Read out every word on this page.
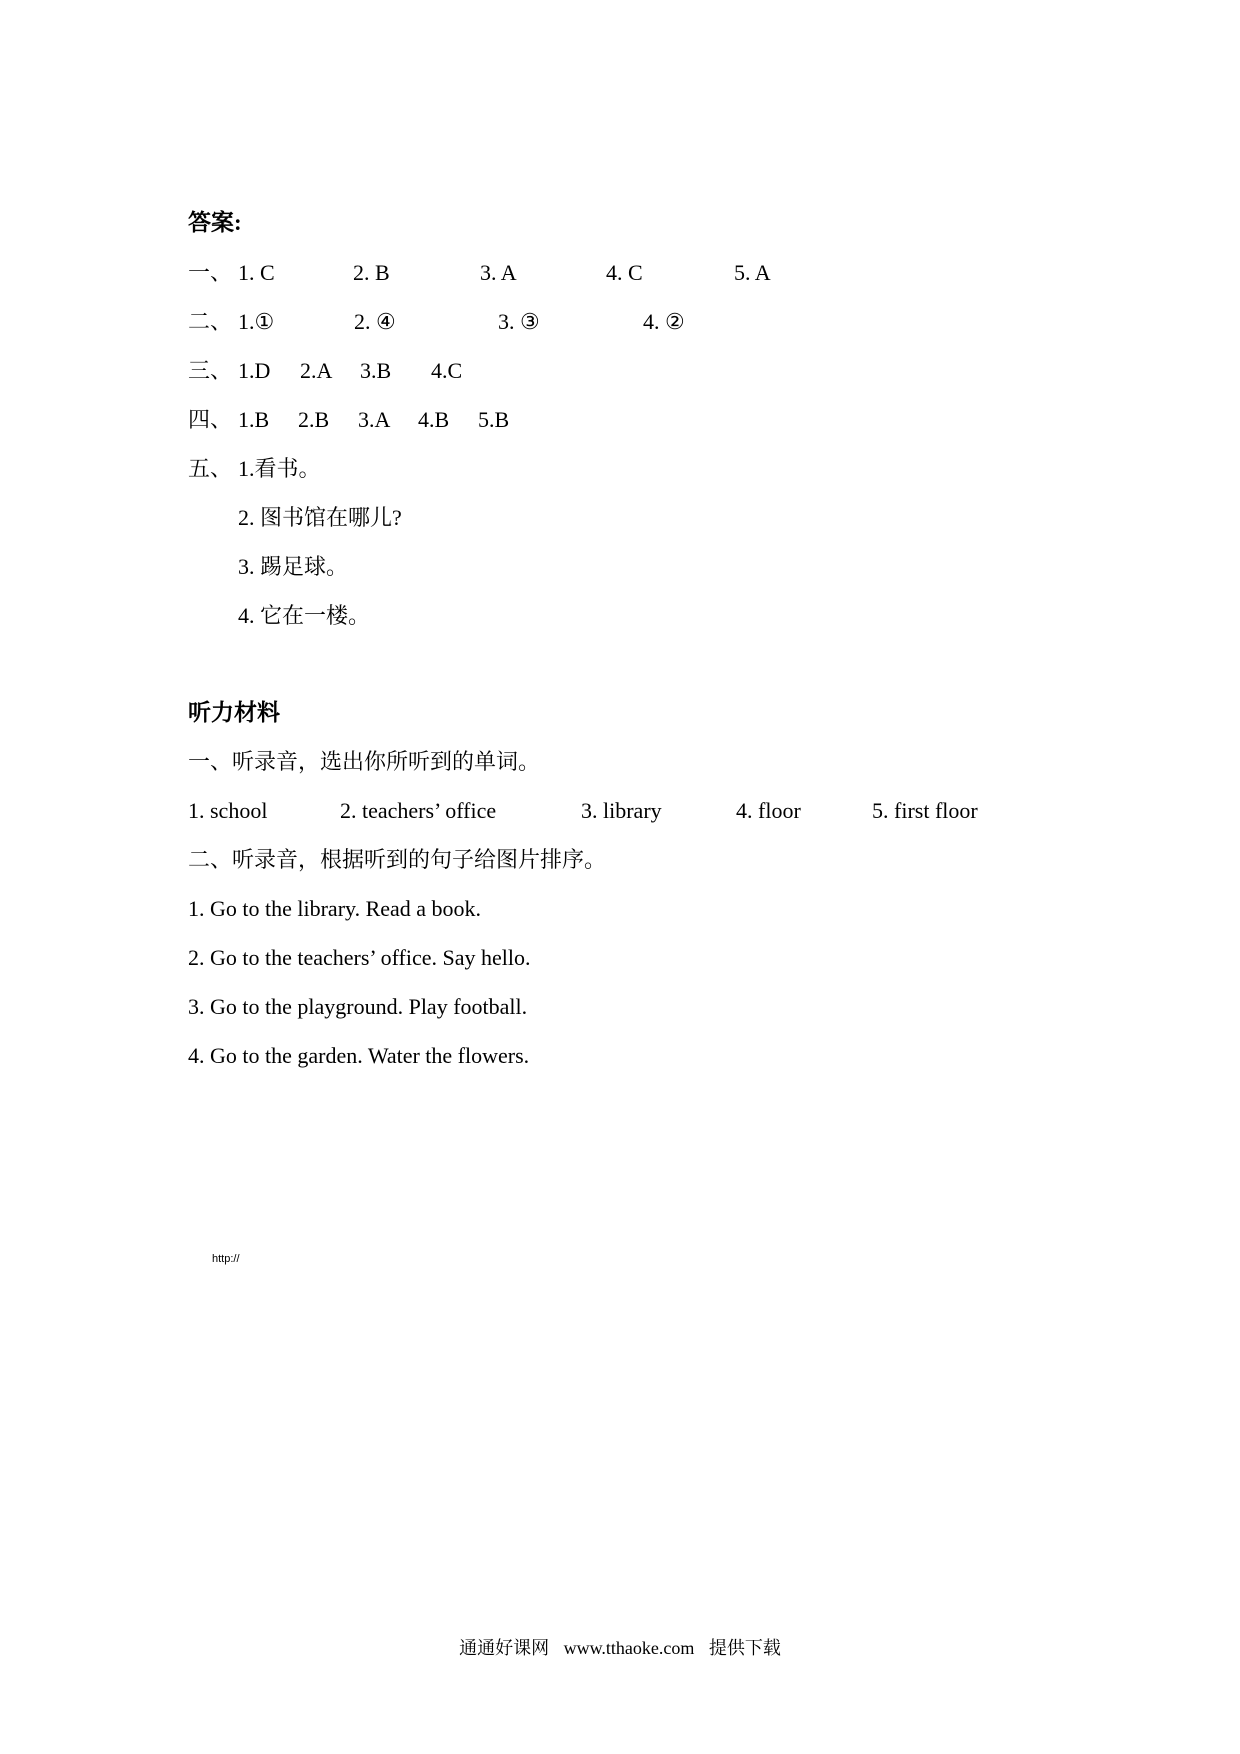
答案:
一、 1. C	2. B	3. A	4. C	5. A
二、 1.①	2. ④	3. ③	4. ②
三、 1.D 2.A 3.B 4.C
四、 1.B 2.B 3.A 4.B 5.B
五、 1.看书。
2. 图书馆在哪儿?
3. 踢足球。
4. 它在一楼。
听力材料
一、听录音，选出你所听到的单词。
1. school	2. teachers’ office	3. library	4. floor	5. first floor
二、听录音，根据听到的句子给图片排序。
1. Go to the library. Read a book.
2. Go to the teachers’ office. Say hello.
3. Go to the playground. Play football.
4. Go to the garden. Water the flowers.
http://
通通好课网 www.tthaoke.com 提供下载
